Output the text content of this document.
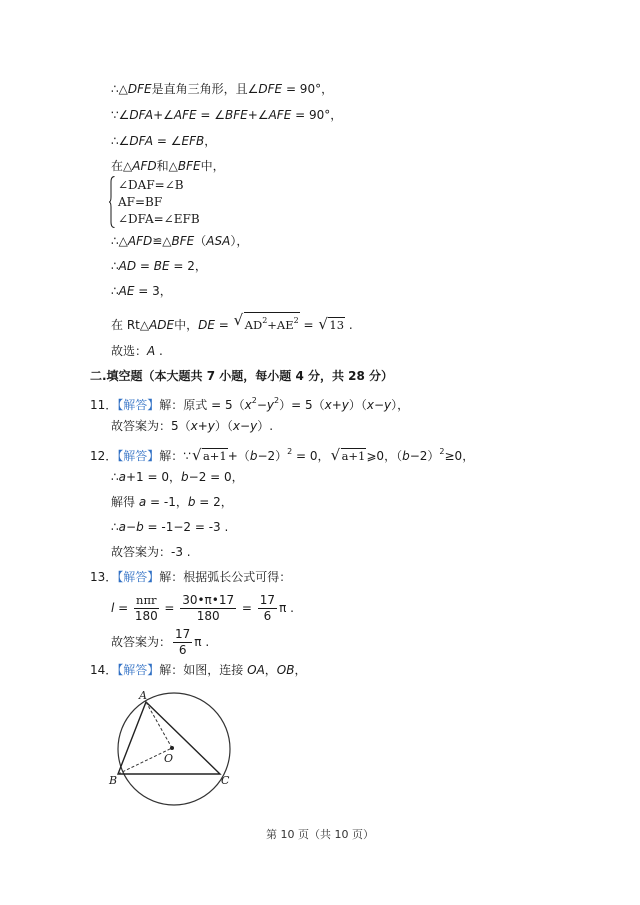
∴△DFE是直角三角形，且∠DFE = 90°，
∵∠DFA+∠AFE = ∠BFE+∠AFE = 90°，
∴∠DFA = ∠EFB，
在△AFD和△BFE中，
∠DAF=∠B
AF=BF
∠DFA=∠EFB
∴△AFD≌△BFE（ASA），
∴AD = BE = 2，
∴AE = 3，
在 Rt△ADE中，DE = √ $AD^2+AE^2$ = √ 13 .
故选：A .
二.填空题（本大题共 7 小题，每小题 4 分，共 28 分）
11．【解答】解：原式 = $5(x^2-y^2)= 5(x+y)(x-y)$，
故答案为：5（x+y）（x−y）.
12．【解答】解：∵ √ $a+1+(b-2)^2 = 0$， √ a+1⩾0，$(b-2)^2\ge 0$，
∴a+1 = 0，b−2 = 0，
解得 a = -1，b = 2，
∴a−b = -1−2 = -3 .
故答案为：-3 .
13．【解答】解：根据弧长公式可得：
$l = \frac{\text{nπr}}{180} = \frac{30•\pi•17}{180} = \frac{17}{6}$ π .
故答案为： $\frac{17}{6}$ π .
14．【解答】解：如图，连接 OA，OB，
A
B	C
O
第 10 页（共 10 页）
